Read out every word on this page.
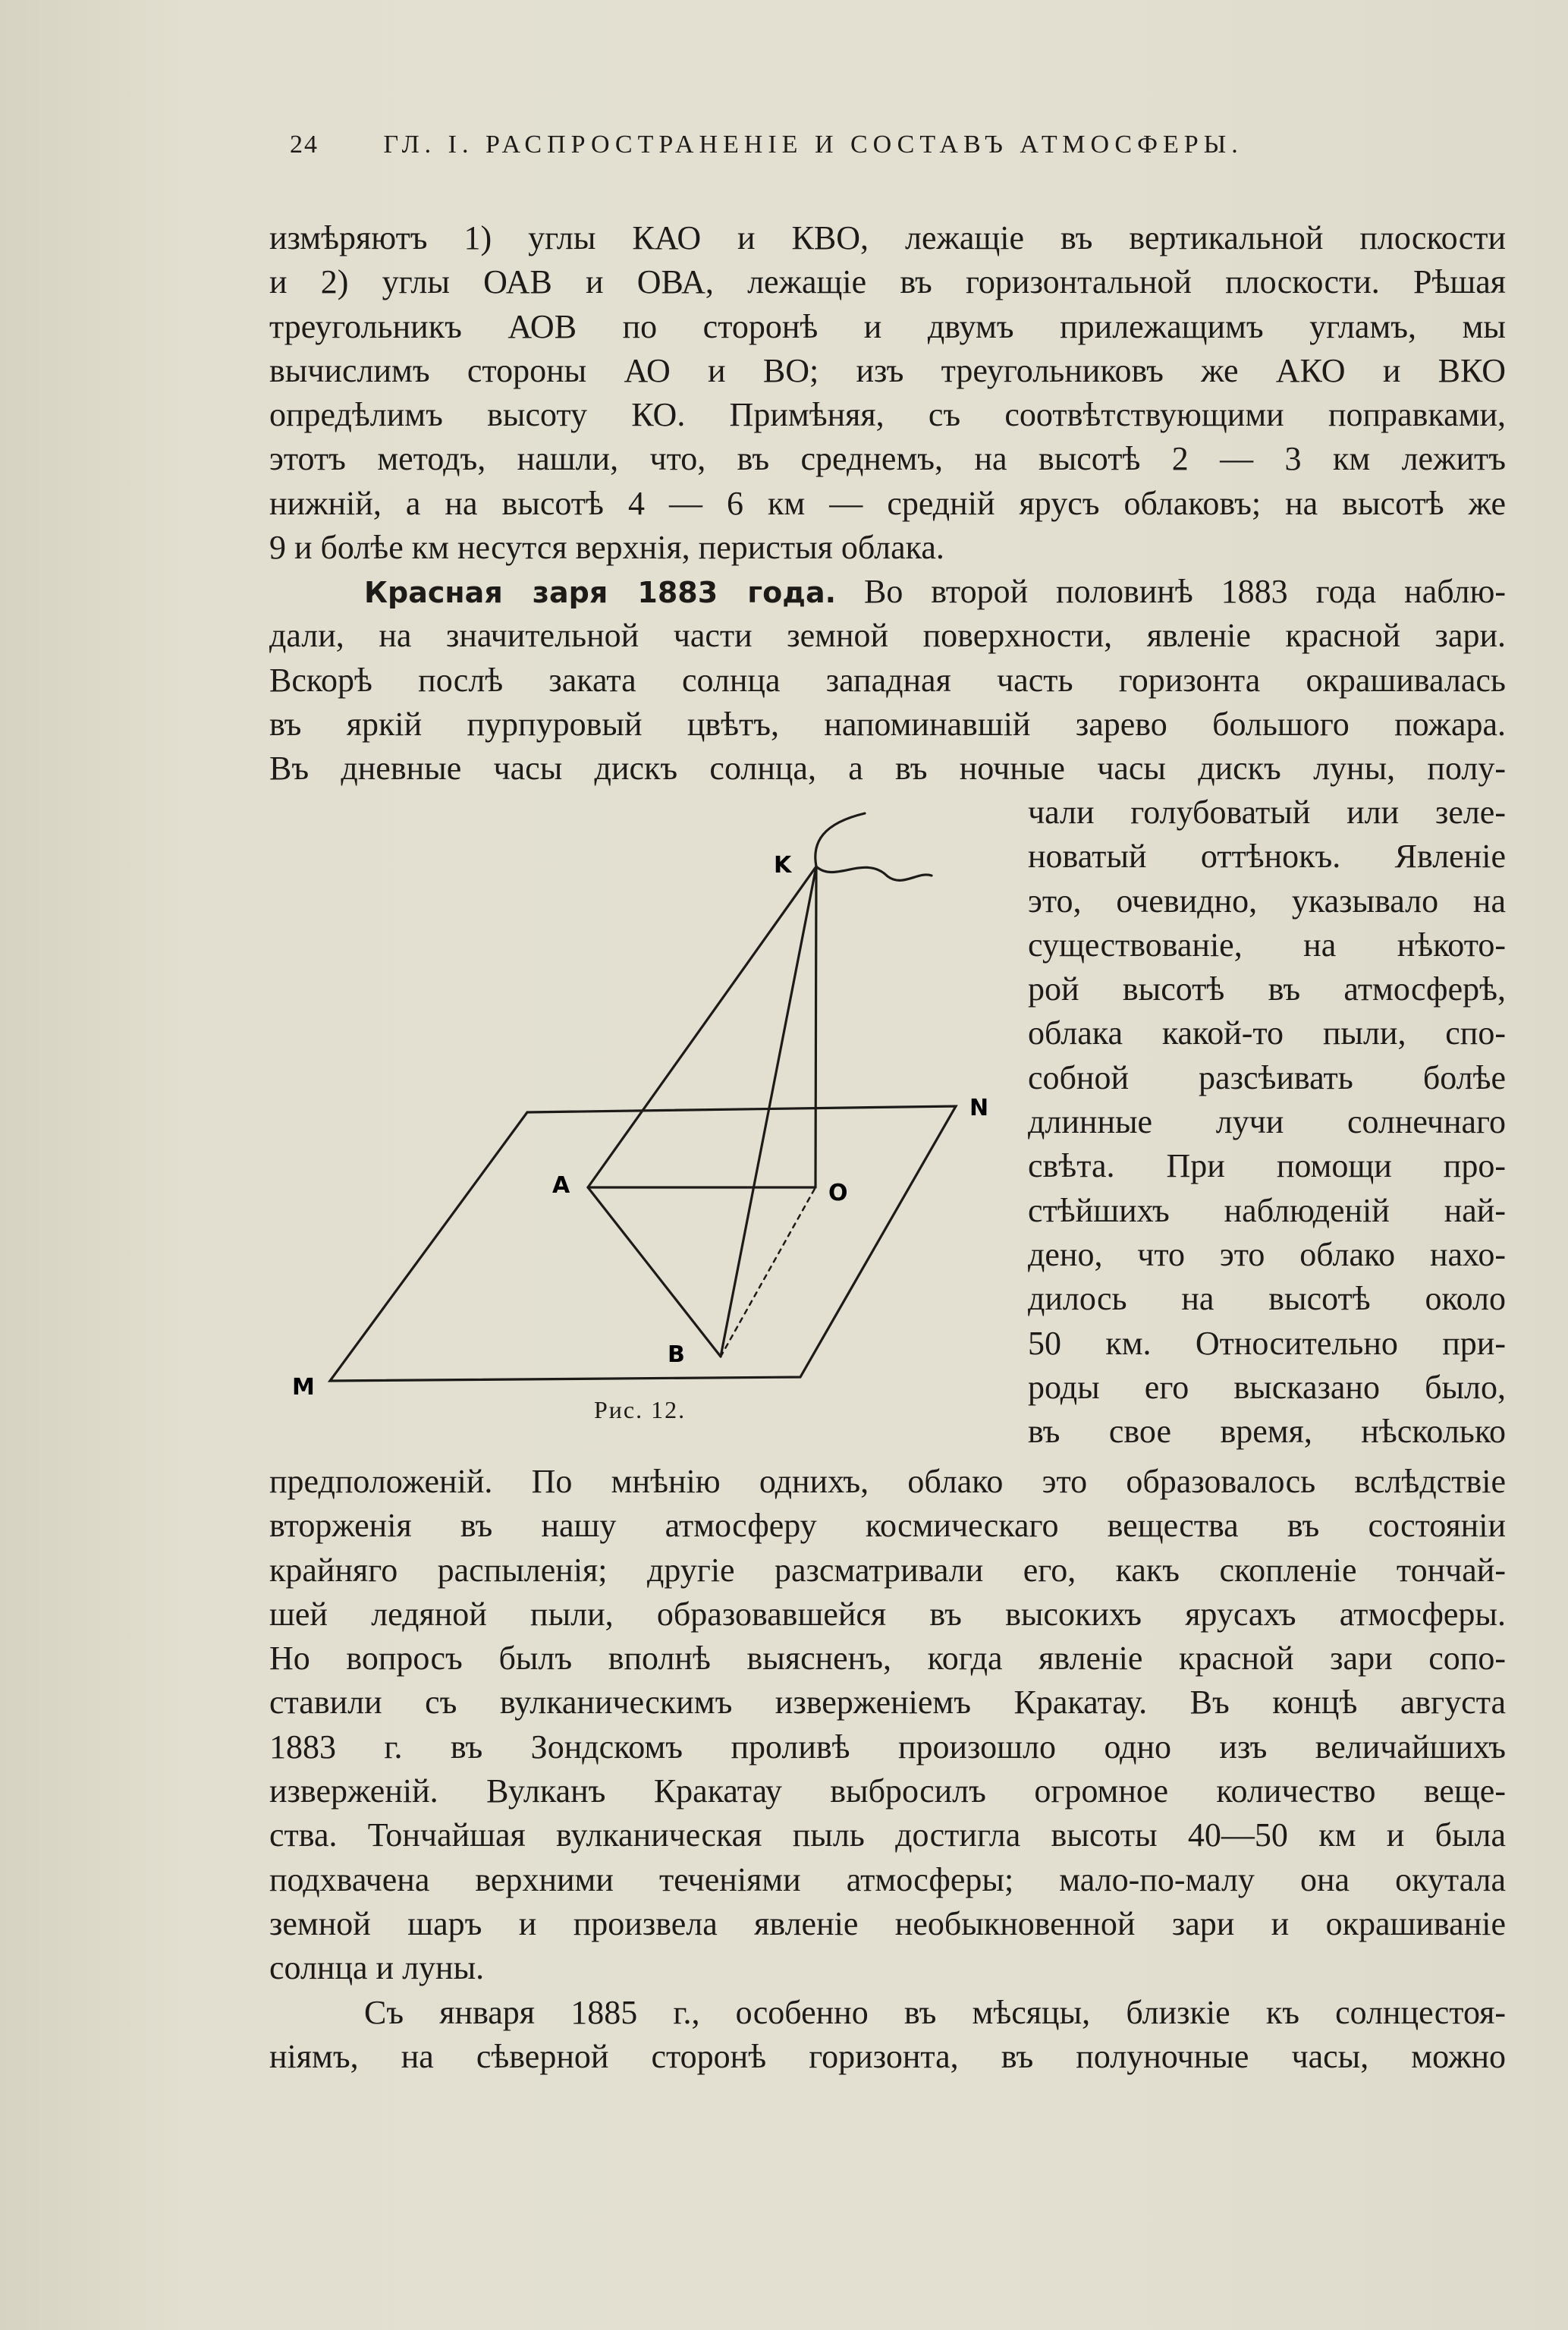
24	ГЛ. I. РАСПРОСТРАНЕНІЕ И СОСТАВЪ АТМОСФЕРЫ.
измѣряютъ 1) углы КАО и КВО, лежащіе въ вертикальной плоскости
и 2) углы ОАВ и ОВА, лежащіе въ горизонтальной плоскости. Рѣшая
треугольникъ АОВ по сторонѣ и двумъ прилежащимъ угламъ, мы
вычислимъ стороны АО и ВО; изъ треугольниковъ же АКО и ВКО
опредѣлимъ высоту КО. Примѣняя, съ соотвѣтствующими поправками,
этотъ методъ, нашли, что, въ среднемъ, на высотѣ 2 — 3 км лежитъ
нижній, а на высотѣ 4 — 6 км — средній ярусъ облаковъ; на высотѣ же
9 и болѣе км несутся верхнія, перистыя облака.
Красная заря 1883 года. Во второй половинѣ 1883 года наблю-
дали, на значительной части земной поверхности, явленіе красной зари.
Вскорѣ послѣ заката солнца западная часть горизонта окрашивалась
въ яркій пурпуровый цвѣтъ, напоминавшій зарево большого пожара.
Въ дневные часы дискъ солнца, а въ ночные часы дискъ луны, полу-
чали голубоватый или зеле-
новатый оттѣнокъ. Явленіе
это, очевидно, указывало на
существованіе, на нѣкото-
рой высотѣ въ атмосферѣ,
облака какой-то пыли, спо-
собной разсѣивать болѣе
длинные лучи солнечнаго
свѣта. При помощи про-
стѣйшихъ наблюденій най-
дено, что это облако нахо-
дилось на высотѣ около
50 км. Относительно при-
роды его высказано было,
въ свое время, нѣсколько
K
N
A	O
B
M
Рис. 12.
предположеній. По мнѣнію однихъ, облако это образовалось вслѣдствіе
вторженія въ нашу атмосферу космическаго вещества въ состояніи
крайняго распыленія; другіе разсматривали его, какъ скопленіе тончай-
шей ледяной пыли, образовавшейся въ высокихъ ярусахъ атмосферы.
Но вопросъ былъ вполнѣ выясненъ, когда явленіе красной зари сопо-
ставили съ вулканическимъ изверженіемъ Кракатау. Въ концѣ августа
1883 г. въ Зондскомъ проливѣ произошло одно изъ величайшихъ
изверженій. Вулканъ Кракатау выбросилъ огромное количество веще-
ства. Тончайшая вулканическая пыль достигла высоты 40—50 км и была
подхвачена верхними теченіями атмосферы; мало-по-малу она окутала
земной шаръ и произвела явленіе необыкновенной зари и окрашиваніе
солнца и луны.
Съ января 1885 г., особенно въ мѣсяцы, близкіе къ солнцестоя-
ніямъ, на сѣверной сторонѣ горизонта, въ полуночные часы, можно
